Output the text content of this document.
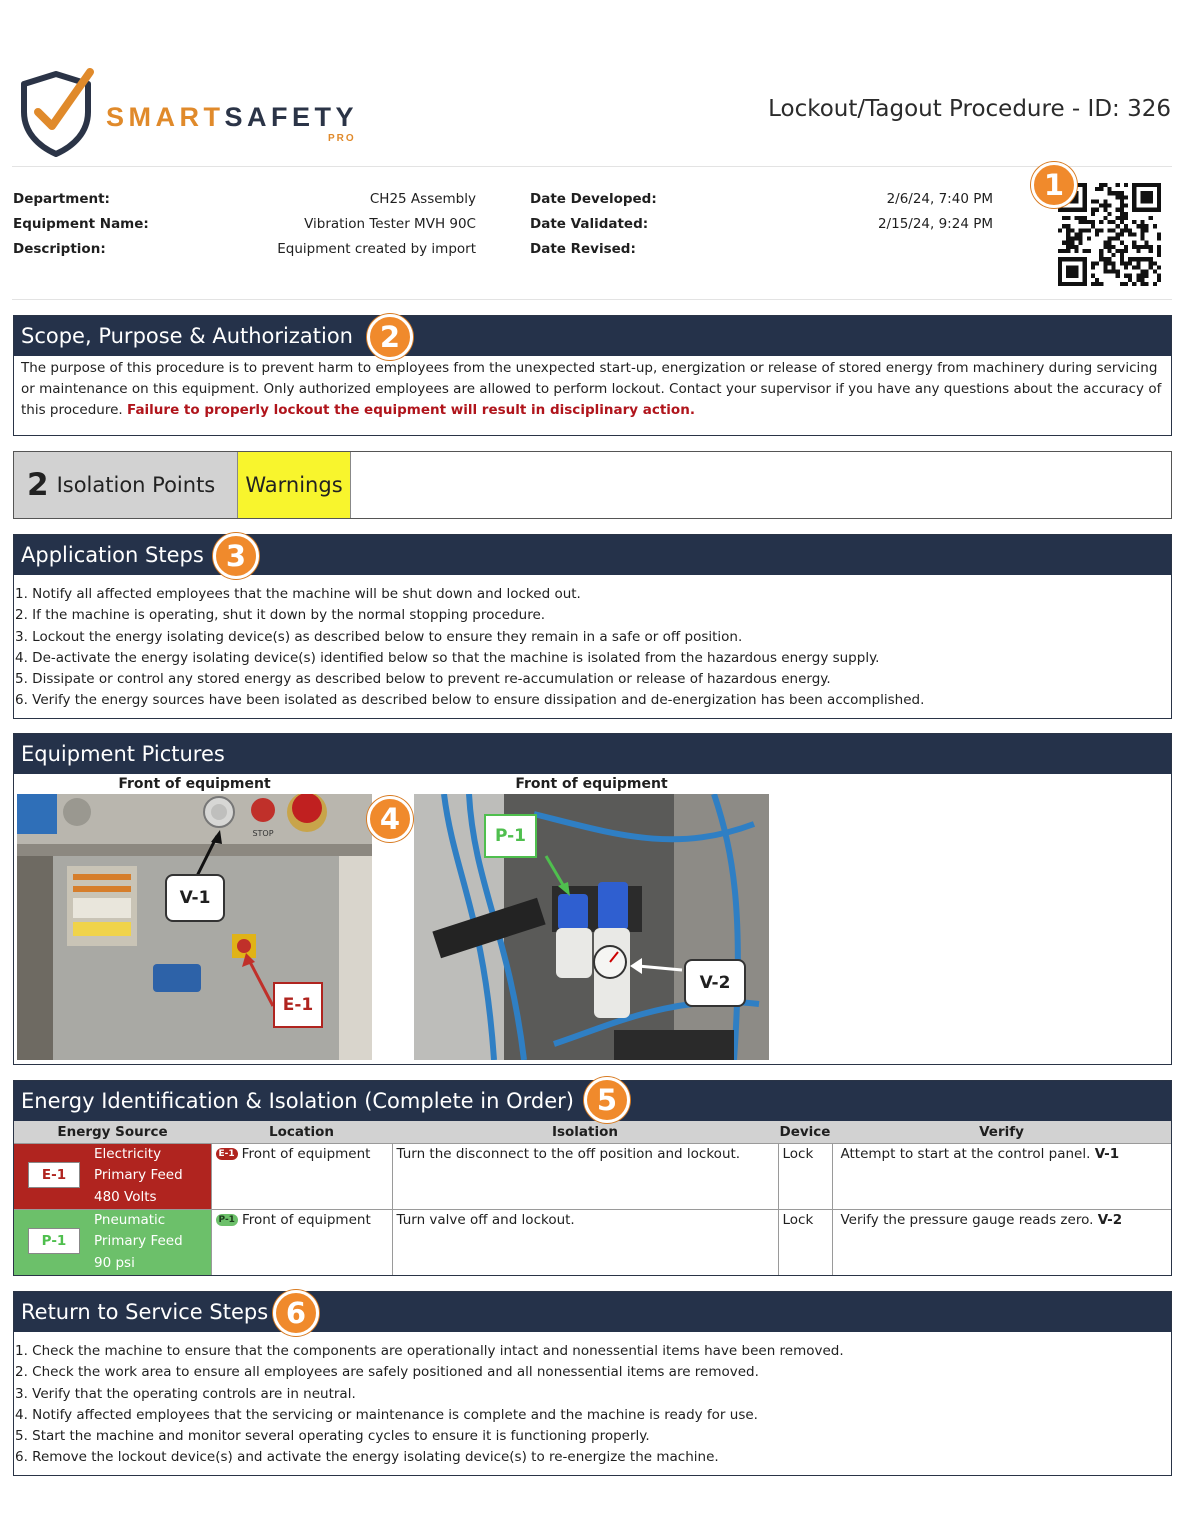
SMARTSAFETY
PRO
Lockout/Tagout Procedure - ID: 326
Department:	CH25 Assembly
Equipment Name:	Vibration Tester MVH 90C
Description:	Equipment created by import
Date Developed:	2/6/24, 7:40 PM
Date Validated:	2/15/24, 9:24 PM
Date Revised:
1
Scope, Purpose & Authorization
The purpose of this procedure is to prevent harm to employees from the unexpected start-up, energization or release of stored energy from machinery during servicing or maintenance on this equipment. Only authorized employees are allowed to perform lockout. Contact your supervisor if you have any questions about the accuracy of this procedure. Failure to properly lockout the equipment will result in disciplinary action.
2
2 Isolation Points	Warnings
Application Steps
1. Notify all affected employees that the machine will be shut down and locked out.
2. If the machine is operating, shut it down by the normal stopping procedure.
3. Lockout the energy isolating device(s) as described below to ensure they remain in a safe or off position.
4. De-activate the energy isolating device(s) identified below so that the machine is isolated from the hazardous energy supply.
5. Dissipate or control any stored energy as described below to prevent re-accumulation or release of hazardous energy.
6. Verify the energy sources have been isolated as described below to ensure dissipation and de-energization has been accomplished.
3
Equipment Pictures
Front of equipment	Front of equipment
STOP
V-1
E-1
P-1
V-2
4
Energy Identification & Isolation (Complete in Order)
Energy Source	Location	Isolation	Device	Verify

E-1
Electricity
Primary Feed
480 Volts	E-1 Front of equipment	Turn the disconnect to the off position and lockout.	Lock	Attempt to start at the control panel. V-1

P-1
Pneumatic
Primary Feed
90 psi	P-1 Front of equipment	Turn valve off and lockout.	Lock	Verify the pressure gauge reads zero. V-2
5
Return to Service Steps
1. Check the machine to ensure that the components are operationally intact and nonessential items have been removed.
2. Check the work area to ensure all employees are safely positioned and all nonessential items are removed.
3. Verify that the operating controls are in neutral.
4. Notify affected employees that the servicing or maintenance is complete and the machine is ready for use.
5. Start the machine and monitor several operating cycles to ensure it is functioning properly.
6. Remove the lockout device(s) and activate the energy isolating device(s) to re-energize the machine.
6
